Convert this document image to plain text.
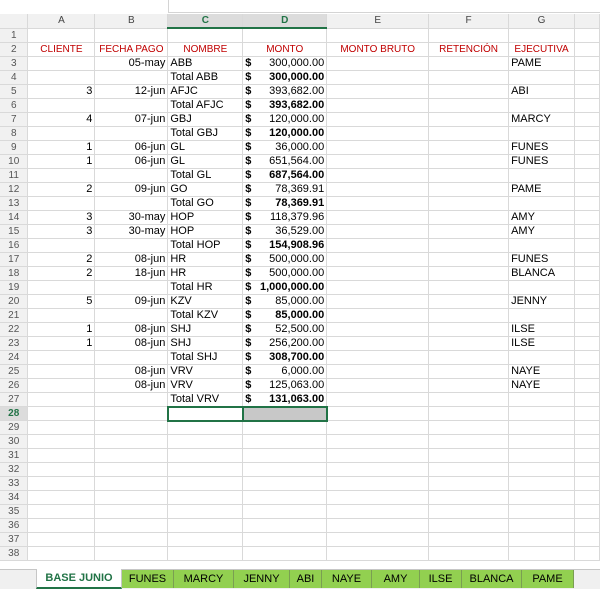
	A	B	C	D	E	F	G	
1								
2	CLIENTE	FECHA PAGO	NOMBRE	MONTO	MONTO BRUTO	RETENCIÓN	EJECUTIVA	
3		05-may	ABB	$ 300,000.00			PAME	
4			Total ABB	$ 300,000.00				

5	3	12-jun	AFJC	$ 393,682.00			ABI	
6			Total AFJC	$ 393,682.00				

7	4	07-jun	GBJ	$ 120,000.00			MARCY	
8			Total GBJ	$ 120,000.00				

9	1	06-jun	GL	$ 36,000.00			FUNES	
10	1	06-jun	GL	$ 651,564.00			FUNES	
11			Total GL	$ 687,564.00				

12	2	09-jun	GO	$ 78,369.91			PAME	
13			Total GO	$ 78,369.91				

14	3	30-may	HOP	$ 118,379.96			AMY	
15	3	30-may	HOP	$ 36,529.00			AMY	
16			Total HOP	$ 154,908.96				

17	2	08-jun	HR	$ 500,000.00			FUNES	
18	2	18-jun	HR	$ 500,000.00			BLANCA	
19			Total HR	$ 1,000,000.00				

20	5	09-jun	KZV	$ 85,000.00			JENNY	
21			Total KZV	$ 85,000.00				

22	1	08-jun	SHJ	$ 52,500.00			ILSE	
23	1	08-jun	SHJ	$ 256,200.00			ILSE	
24			Total SHJ	$ 308,700.00				

25		08-jun	VRV	$ 6,000.00			NAYE	
26		08-jun	VRV	$ 125,063.00			NAYE	
27			Total VRV	$ 131,063.00				

28								
29								
30								
31								
32								
33								
34								
35								
36								
37								
38								
BASE JUNIO	FUNES	MARCY	JENNY	ABI	NAYE	AMY	ILSE	BLANCA	PAME
